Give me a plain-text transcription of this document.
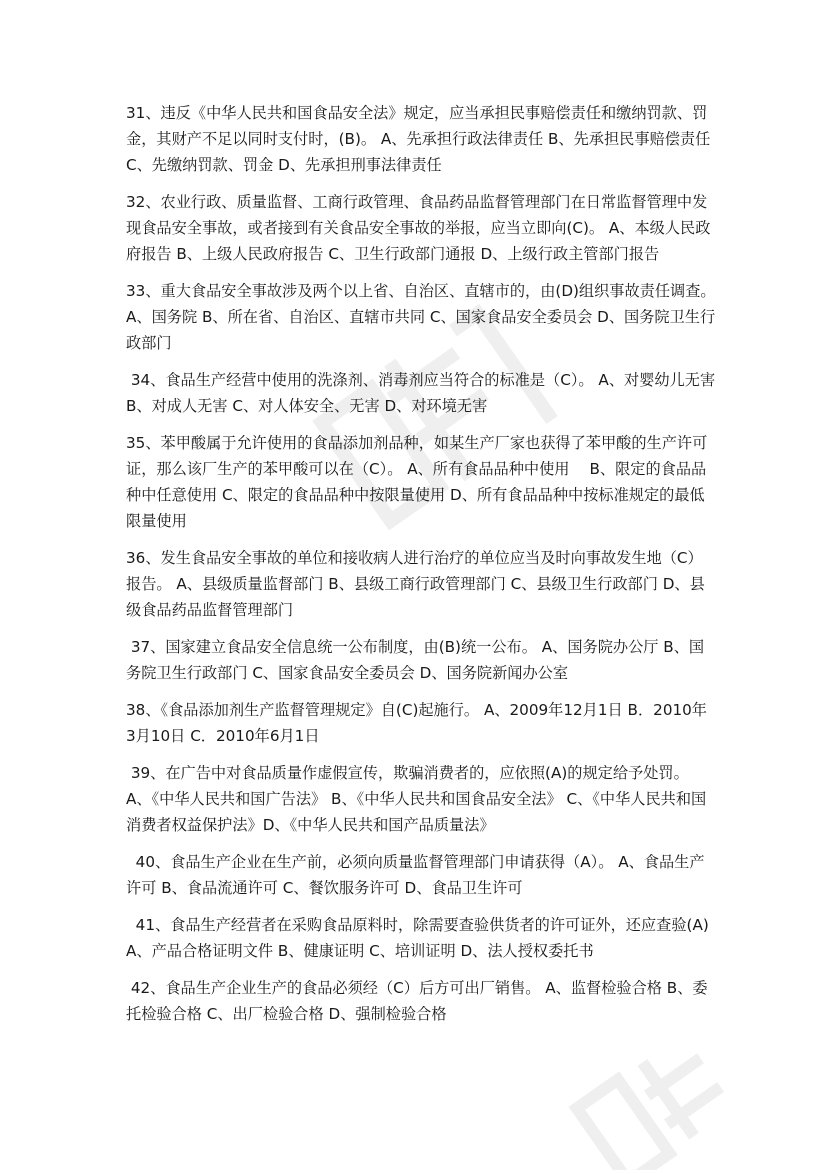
31、违反《中华人民共和国食品安全法》规定，应当承担民事赔偿责任和缴纳罚款、罚金，其财产不足以同时支付时，(B)。 A、先承担行政法律责任 B、先承担民事赔偿责任 C、先缴纳罚款、罚金 D、先承担刑事法律责任

32、农业行政、质量监督、工商行政管理、食品药品监督管理部门在日常监督管理中发现食品安全事故，或者接到有关食品安全事故的举报，应当立即向(C)。 A、本级人民政府报告 B、上级人民政府报告 C、卫生行政部门通报 D、上级行政主管部门报告

33、重大食品安全事故涉及两个以上省、自治区、直辖市的，由(D)组织事故责任调查。 A、国务院 B、所在省、自治区、直辖市共同 C、国家食品安全委员会 D、国务院卫生行政部门

34、食品生产经营中使用的洗涤剂、消毒剂应当符合的标准是（C）。 A、对婴幼儿无害 B、对成人无害 C、对人体安全、无害 D、对环境无害

35、苯甲酸属于允许使用的食品添加剂品种，如某生产厂家也获得了苯甲酸的生产许可证，那么该厂生产的苯甲酸可以在（C）。 A、所有食品品种中使用　 B、限定的食品品种中任意使用 C、限定的食品品种中按限量使用 D、所有食品品种中按标准规定的最低限量使用

36、发生食品安全事故的单位和接收病人进行治疗的单位应当及时向事故发生地（C）报告。 A、县级质量监督部门 B、县级工商行政管理部门 C、县级卫生行政部门 D、县级食品药品监督管理部门

37、国家建立食品安全信息统一公布制度，由(B)统一公布。 A、国务院办公厅 B、国务院卫生行政部门 C、国家食品安全委员会 D、国务院新闻办公室

38、《食品添加剂生产监督管理规定》自(C)起施行。 A、2009年12月1日 B．2010年3月10日 C．2010年6月1日

39、在广告中对食品质量作虚假宣传，欺骗消费者的，应依照(A)的规定给予处罚。 A、《中华人民共和国广告法》 B、《中华人民共和国食品安全法》 C、《中华人民共和国消费者权益保护法》D、《中华人民共和国产品质量法》

40、食品生产企业在生产前，必须向质量监督管理部门申请获得（A）。 A、食品生产许可 B、食品流通许可 C、餐饮服务许可 D、食品卫生许可

41、食品生产经营者在采购食品原料时，除需要查验供货者的许可证外，还应查验(A) A、产品合格证明文件 B、健康证明 C、培训证明 D、法人授权委托书

42、食品生产企业生产的食品必须经（C）后方可出厂销售。 A、监督检验合格 B、委托检验合格 C、出厂检验合格 D、强制检验合格
